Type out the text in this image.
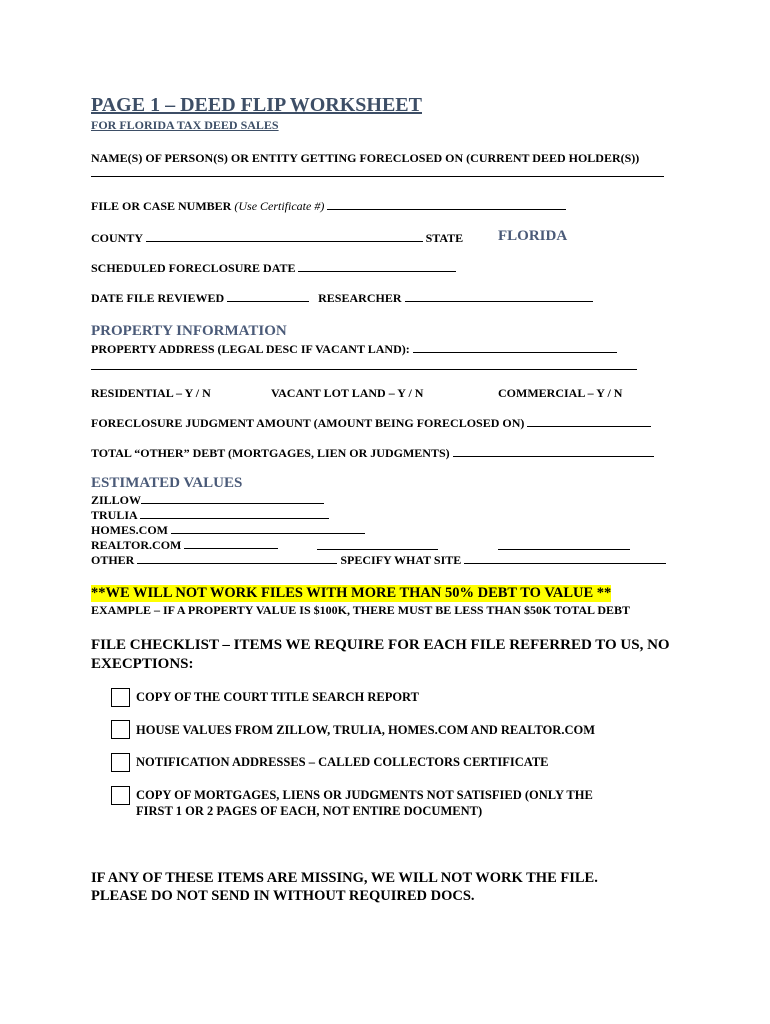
PAGE 1 – DEED FLIP WORKSHEET
FOR FLORIDA TAX DEED SALES
NAME(S) OF PERSON(S) OR ENTITY GETTING FORECLOSED ON (CURRENT DEED HOLDER(S))
FILE OR CASE NUMBER (Use Certificate #)
COUNTY	STATE FLORIDA
SCHEDULED FORECLOSURE DATE
DATE FILE REVIEWED	RESEARCHER
PROPERTY INFORMATION
PROPERTY ADDRESS (LEGAL DESC IF VACANT LAND):
RESIDENTIAL – Y / N	VACANT LOT LAND – Y / N	COMMERCIAL – Y / N
FORECLOSURE JUDGMENT AMOUNT (AMOUNT BEING FORECLOSED ON)
TOTAL “OTHER” DEBT (MORTGAGES, LIEN OR JUDGMENTS)
ESTIMATED VALUES
ZILLOW
TRULIA
HOMES.COM
REALTOR.COM
OTHER	SPECIFY WHAT SITE
**WE WILL NOT WORK FILES WITH MORE THAN 50% DEBT TO VALUE **
EXAMPLE – IF A PROPERTY VALUE IS $100K, THERE MUST BE LESS THAN $50K TOTAL DEBT
FILE CHECKLIST – ITEMS WE REQUIRE FOR EACH FILE REFERRED TO US, NO
EXECPTIONS:
COPY OF THE COURT TITLE SEARCH REPORT
HOUSE VALUES FROM ZILLOW, TRULIA, HOMES.COM AND REALTOR.COM
NOTIFICATION ADDRESSES – CALLED COLLECTORS CERTIFICATE
COPY OF MORTGAGES, LIENS OR JUDGMENTS NOT SATISFIED (ONLY THE
FIRST 1 OR 2 PAGES OF EACH, NOT ENTIRE DOCUMENT)
IF ANY OF THESE ITEMS ARE MISSING, WE WILL NOT WORK THE FILE.
PLEASE DO NOT SEND IN WITHOUT REQUIRED DOCS.
